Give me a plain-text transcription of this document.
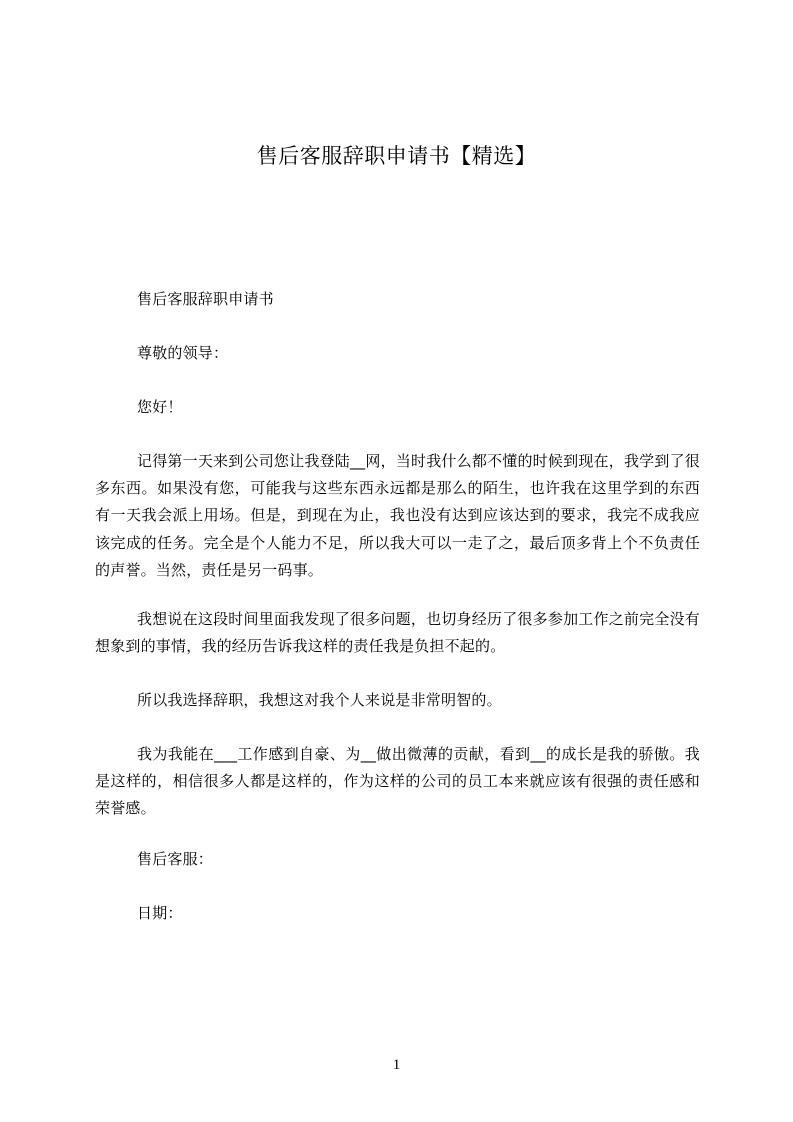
售后客服辞职申请书【精选】

售后客服辞职申请书

尊敬的领导：

您好！

记得第一天来到公司您让我登陆__网，当时我什么都不懂的时候到现在，我学到了很多东西。如果没有您，可能我与这些东西永远都是那么的陌生，也许我在这里学到的东西有一天我会派上用场。但是，到现在为止，我也没有达到应该达到的要求，我完不成我应该完成的任务。完全是个人能力不足，所以我大可以一走了之，最后顶多背上个不负责任的声誉。当然，责任是另一码事。

我想说在这段时间里面我发现了很多问题，也切身经历了很多参加工作之前完全没有想象到的事情，我的经历告诉我这样的责任我是负担不起的。

所以我选择辞职，我想这对我个人来说是非常明智的。

我为我能在___工作感到自豪、为__做出微薄的贡献，看到__的成长是我的骄傲。我是这样的，相信很多人都是这样的，作为这样的公司的员工本来就应该有很强的责任感和荣誉感。

售后客服：

日期：

1
